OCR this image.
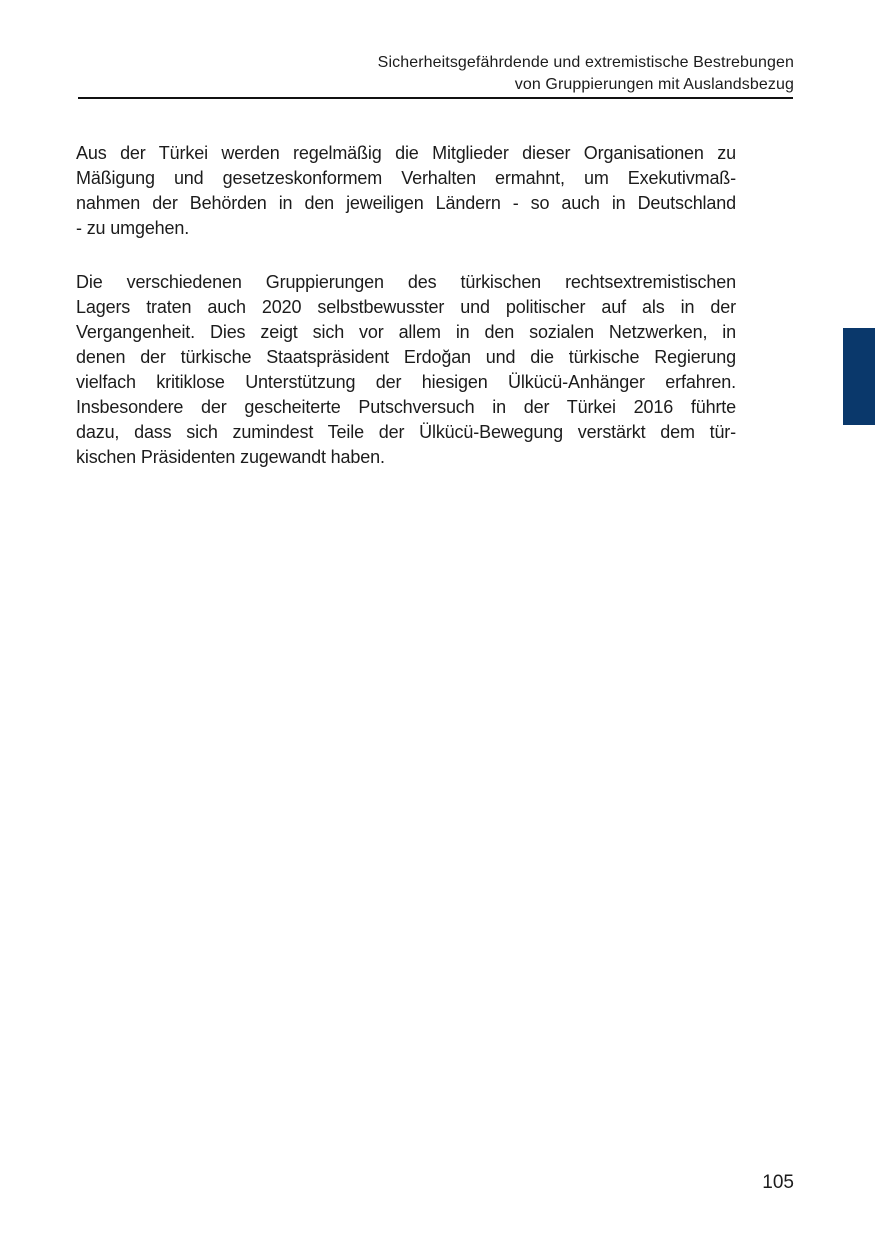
Sicherheitsgefährdende und extremistische Bestrebungen
von Gruppierungen mit Auslandsbezug
Aus der Türkei werden regelmäßig die Mitglieder dieser Organisationen zu
Mäßigung und gesetzeskonformem Verhalten ermahnt, um Exekutivmaß-
nahmen der Behörden in den jeweiligen Ländern - so auch in Deutschland
- zu umgehen.
Die verschiedenen Gruppierungen des türkischen rechtsextremistischen
Lagers traten auch 2020 selbstbewusster und politischer auf als in der
Vergangenheit. Dies zeigt sich vor allem in den sozialen Netzwerken, in
denen der türkische Staatspräsident Erdoğan und die türkische Regierung
vielfach kritiklose Unterstützung der hiesigen Ülkücü-Anhänger erfahren.
Insbesondere der gescheiterte Putschversuch in der Türkei 2016 führte
dazu, dass sich zumindest Teile der Ülkücü-Bewegung verstärkt dem tür-
kischen Präsidenten zugewandt haben.
105
